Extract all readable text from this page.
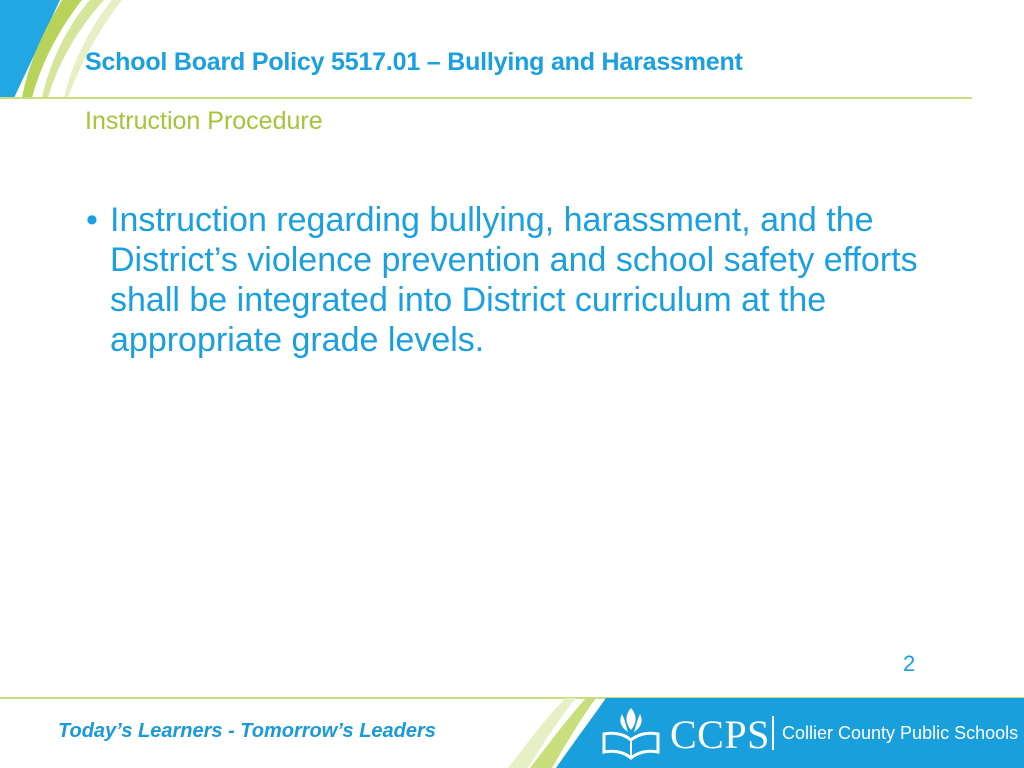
School Board Policy 5517.01 – Bullying and Harassment
Instruction Procedure
• Instruction regarding bullying, harassment, and the District’s violence prevention and school safety efforts shall be integrated into District curriculum at the appropriate grade levels.
2
Today’s Learners - Tomorrow’s Leaders	CCPS Collier County Public Schools
